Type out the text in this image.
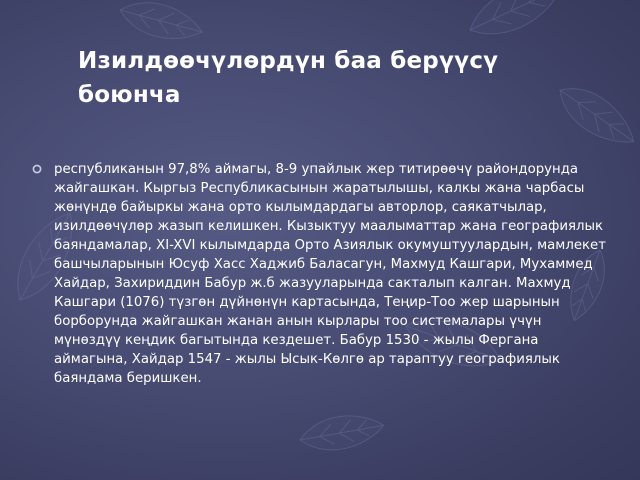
Изилдөөчүлөрдүн баа берүүсү боюнча

республиканын 97,8% аймагы, 8-9 упайлык жер титирөөчү райондорунда жайгашкан. Кыргыз Республикасынын жаратылышы, калкы жана чарбасы жөнүндө байыркы жана орто кылымдардагы авторлор, саякатчылар, изилдөөчүлөр жазып келишкен. Кызыктуу маалыматтар жана географиялык баяндамалар, XI-XVI кылымдарда Орто Азиялык окумуштуулардын, мамлекет башчыларынын Юсуф Хасс Хаджиб Баласагун, Махмуд Кашгари, Мухаммед Хайдар, Захириддин Бабур ж.б жазууларында сакталып калган. Махмуд Кашгари (1076) түзгөн дүйнөнүн картасында, Теңир-Тоо жер шарынын борборунда жайгашкан жанан анын кырлары тоо системалары үчүн мүнөздүү кеңдик багытында кездешет. Бабур 1530 - жылы Фергана аймагына, Хайдар 1547 - жылы Ысык-Көлгө ар тараптуу географиялык баяндама беришкен.
